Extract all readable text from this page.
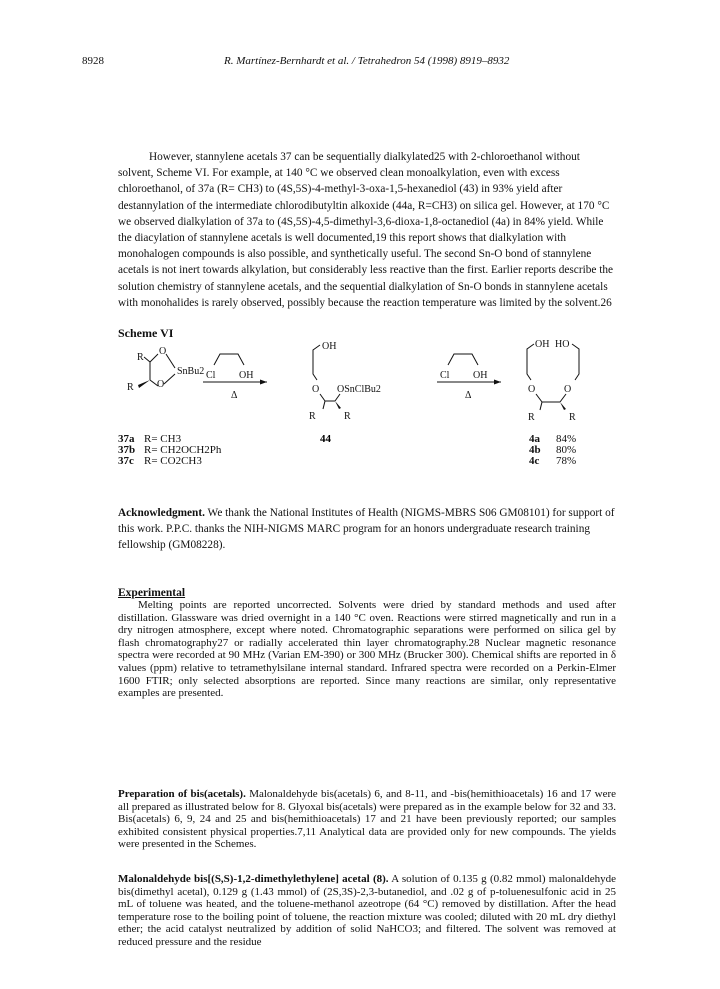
8928	R. Martínez-Bernhardt et al. / Tetrahedron 54 (1998) 8919–8932
However, stannylene acetals 37 can be sequentially dialkylated25 with 2-chloroethanol without solvent, Scheme VI. For example, at 140 °C we observed clean monoalkylation, even with excess chloroethanol, of 37a (R= CH3) to (4S,5S)-4-methyl-3-oxa-1,5-hexanediol (43) in 93% yield after destannylation of the intermediate chlorodibutyltin alkoxide (44a, R=CH3) on silica gel. However, at 170 °C we observed dialkylation of 37a to (4S,5S)-4,5-dimethyl-3,6-dioxa-1,8-octanediol (4a) in 84% yield. While the diacylation of stannylene acetals is well documented,19 this report shows that dialkylation with monohalogen compounds is also possible, and synthetically useful. The second Sn-O bond of stannylene acetals is not inert towards alkylation, but considerably less reactive than the first. Earlier reports describe the solution chemistry of stannylene acetals, and the sequential dialkylation of Sn-O bonds in stannylene acetals with monohalides is rarely observed, possibly because the reaction temperature was limited by the solvent.26
Scheme VI
R
O
SnBu2
O
R
Cl OH
Δ
OH
O OSnClBu2
R	R
Cl OH
Δ
OH HO
O	O
R	R
37a R= CH3
37b R= CH2OCH2Ph
37c R= CO2CH3
44	4a 84%
4b 80%
4c 78%
Acknowledgment. We thank the National Institutes of Health (NIGMS-MBRS S06 GM08101) for support of this work. P.P.C. thanks the NIH-NIGMS MARC program for an honors undergraduate research training fellowship (GM08228).
Experimental
Melting points are reported uncorrected. Solvents were dried by standard methods and used after distillation. Glassware was dried overnight in a 140 °C oven. Reactions were stirred magnetically and run in a dry nitrogen atmosphere, except where noted. Chromatographic separations were performed on silica gel by flash chromatography27 or radially accelerated thin layer chromatography.28 Nuclear magnetic resonance spectra were recorded at 90 MHz (Varian EM-390) or 300 MHz (Brucker 300). Chemical shifts are reported in δ values (ppm) relative to tetramethylsilane internal standard. Infrared spectra were recorded on a Perkin-Elmer 1600 FTIR; only selected absorptions are reported. Since many reactions are similar, only representative examples are presented.
Preparation of bis(acetals). Malonaldehyde bis(acetals) 6, and 8-11, and -bis(hemithioacetals) 16 and 17 were all prepared as illustrated below for 8. Glyoxal bis(acetals) were prepared as in the example below for 32 and 33. Bis(acetals) 6, 9, 24 and 25 and bis(hemithioacetals) 17 and 21 have been previously reported; our samples exhibited consistent physical properties.7,11 Analytical data are provided only for new compounds. The yields were presented in the Schemes.
Malonaldehyde bis[(S,S)-1,2-dimethylethylene] acetal (8). A solution of 0.135 g (0.82 mmol) malonaldehyde bis(dimethyl acetal), 0.129 g (1.43 mmol) of (2S,3S)-2,3-butanediol, and .02 g of p-toluenesulfonic acid in 25 mL of toluene was heated, and the toluene-methanol azeotrope (64 °C) removed by distillation. After the head temperature rose to the boiling point of toluene, the reaction mixture was cooled; diluted with 20 mL dry diethyl ether; the acid catalyst neutralized by addition of solid NaHCO3; and filtered. The solvent was removed at reduced pressure and the residue
